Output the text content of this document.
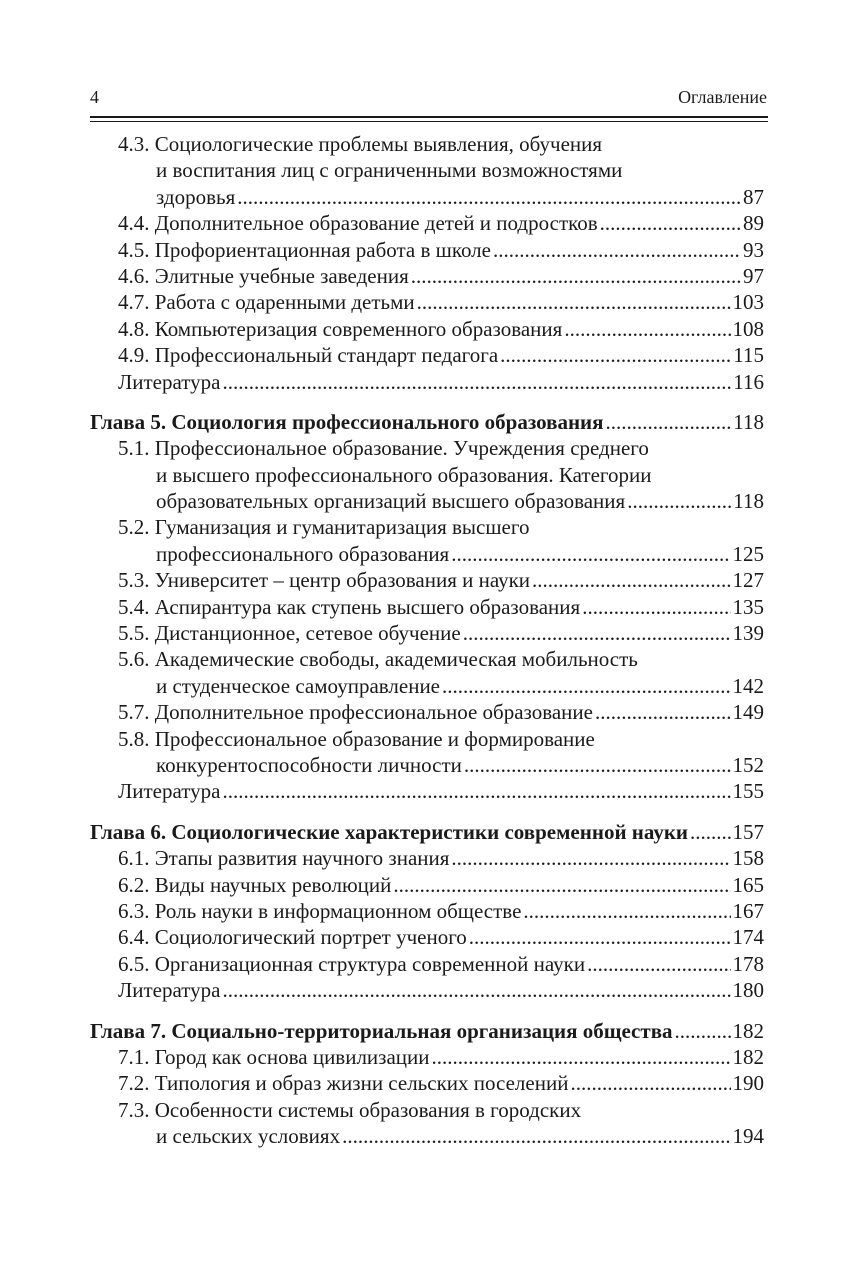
4	Оглавление
4.3. Социологические проблемы выявления, обучения
и воспитания лиц с ограниченными возможностями
здоровья .....	87
4.4. Дополнительное образование детей и подростков .....	89
4.5. Профориентационная работа в школе .....	93
4.6. Элитные учебные заведения .....	97
4.7. Работа с одаренными детьми .....	103
4.8. Компьютеризация современного образования .....	108
4.9. Профессиональный стандарт педагога .....	115
Литература .....	116
Глава 5. Социология профессионального образования .....	118
5.1. Профессиональное образование. Учреждения среднего
и высшего профессионального образования. Категории
образовательных организаций высшего образования .....	118
5.2. Гуманизация и гуманитаризация высшего
профессионального образования .....	125
5.3. Университет – центр образования и науки .....	127
5.4. Аспирантура как ступень высшего образования .....	135
5.5. Дистанционное, сетевое обучение .....	139
5.6. Академические свободы, академическая мобильность
и студенческое самоуправление .....	142
5.7. Дополнительное профессиональное образование .....	149
5.8. Профессиональное образование и формирование
конкурентоспособности личности .....	152
Литература .....	155
Глава 6. Социологические характеристики современной науки ..... 157
6.1. Этапы развития научного знания .....	158
6.2. Виды научных революций .....	165
6.3. Роль науки в информационном обществе .....	167
6.4. Социологический портрет ученого .....	174
6.5. Организационная структура современной науки .....	178
Литература .....	180
Глава 7. Социально-территориальная организация общества .....	182
7.1. Город как основа цивилизации .....	182
7.2. Типология и образ жизни сельских поселений .....	190
7.3. Особенности системы образования в городских
и сельских условиях .....	194
